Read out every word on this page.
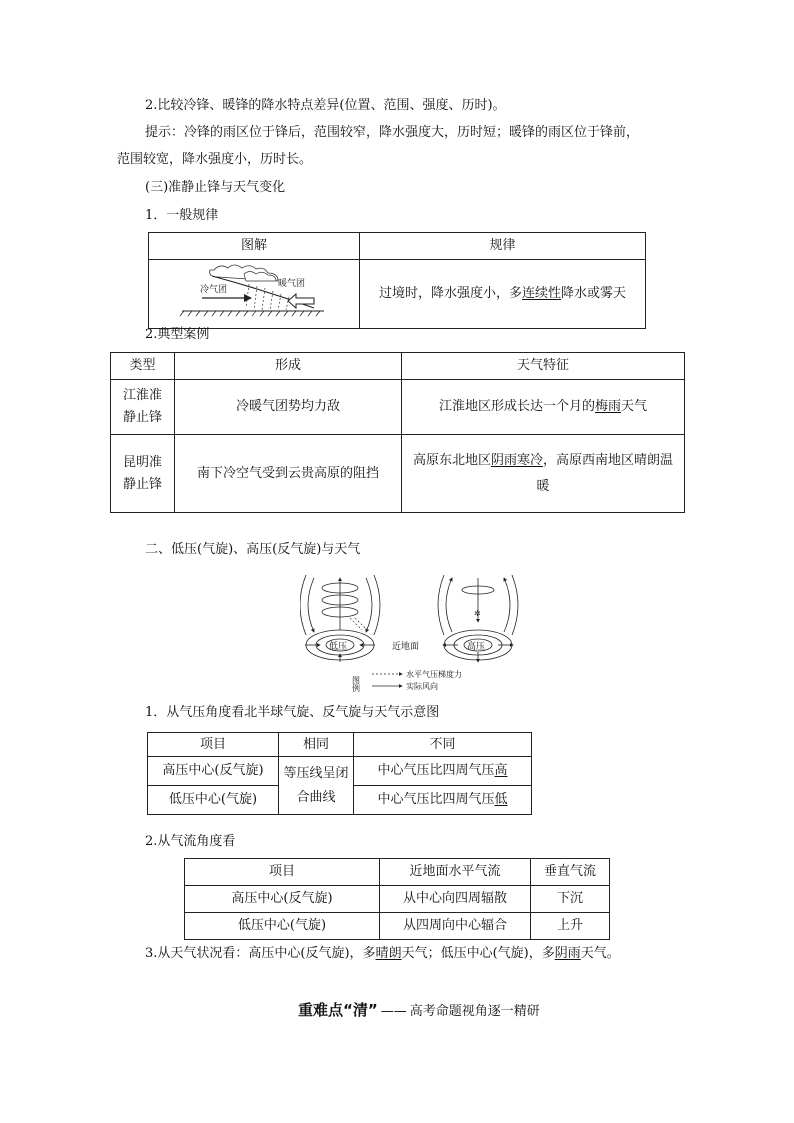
2.比较冷锋、暖锋的降水特点差异(位置、范围、强度、历时)。
提示：冷锋的雨区位于锋后，范围较窄，降水强度大，历时短；暖锋的雨区位于锋前，
范围较宽，降水强度小，历时长。
(三)准静止锋与天气变化
1．一般规律
图解	规律

冷气团
暖气团	过境时，降水强度小，多连续性降水或雾天
2.典型案例
类型	形成	天气特征
江淮准静止锋	冷暖气团势均力敌	江淮地区形成长达一个月的梅雨天气
昆明准静止锋	南下冷空气受到云贵高原的阻挡	高原东北地区阴雨寒冷，高原西南地区晴朗温暖
二、低压(气旋)、高压(反气旋)与天气
低压
✲
高压
近地面
图例
水平气压梯度力
实际风向
1．从气压角度看北半球气旋、反气旋与天气示意图
项目	相同	不同
高压中心(反气旋)	等压线呈闭合曲线	中心气压比四周气压高
低压中心(气旋)		中心气压比四周气压低
2.从气流角度看
项目	近地面水平气流	垂直气流
高压中心(反气旋)	从中心向四周辐散	下沉
低压中心(气旋)	从四周向中心辐合	上升
3.从天气状况看：高压中心(反气旋)，多晴朗天气；低压中心(气旋)，多阴雨天气。
重难点“清” —— 高考命题视角逐一精研
